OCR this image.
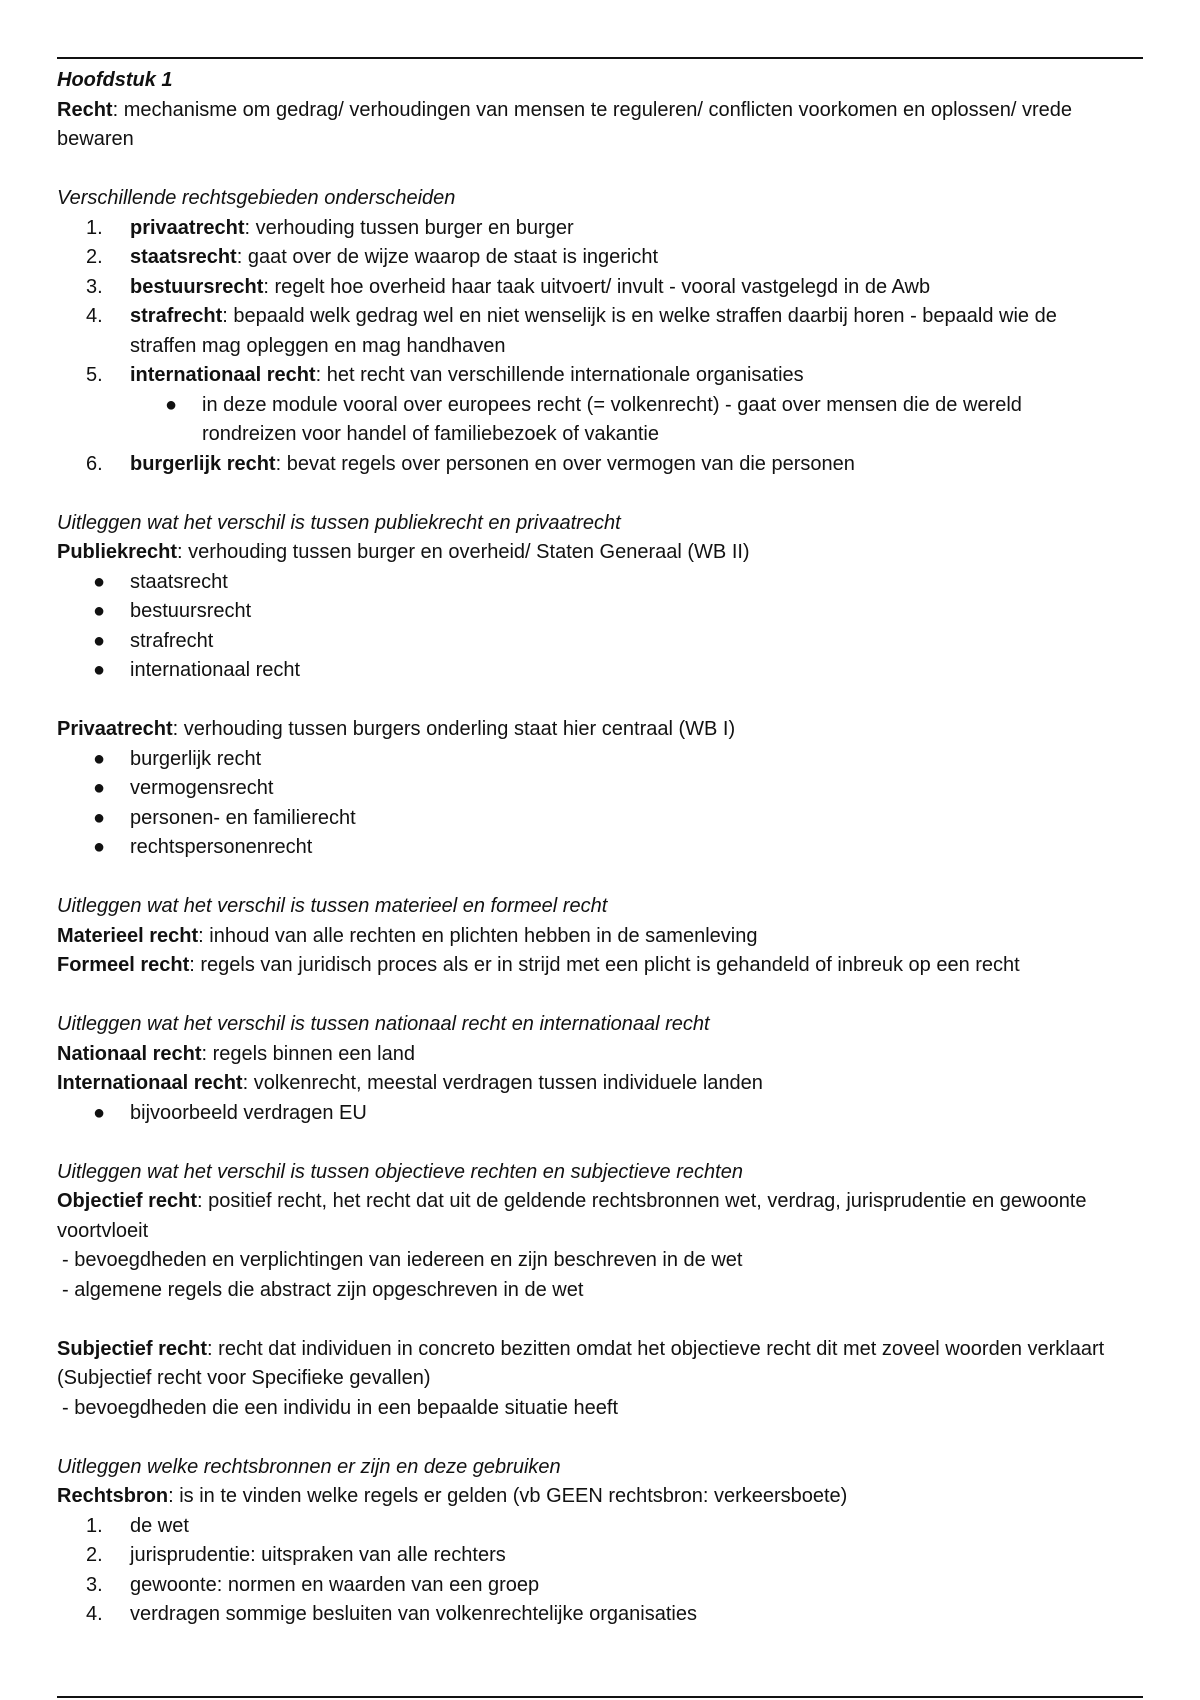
Hoofdstuk 1

Recht: mechanisme om gedrag/ verhoudingen van mensen te reguleren/ conflicten voorkomen en oplossen/ vrede bewaren

Verschillende rechtsgebieden onderscheiden

1. privaatrecht: verhouding tussen burger en burger
2. staatsrecht: gaat over de wijze waarop de staat is ingericht
3. bestuursrecht: regelt hoe overheid haar taak uitvoert/ invult - vooral vastgelegd in de Awb
4. strafrecht: bepaald welk gedrag wel en niet wenselijk is en welke straffen daarbij horen - bepaald wie de straffen mag opleggen en mag handhaven
5. internationaal recht: het recht van verschillende internationale organisaties
● in deze module vooral over europees recht (= volkenrecht) - gaat over mensen die de wereld rondreizen voor handel of familiebezoek of vakantie
6. burgerlijk recht: bevat regels over personen en over vermogen van die personen

Uitleggen wat het verschil is tussen publiekrecht en privaatrecht

Publiekrecht: verhouding tussen burger en overheid/ Staten Generaal (WB II)

● staatsrecht
● bestuursrecht
● strafrecht
● internationaal recht

Privaatrecht: verhouding tussen burgers onderling staat hier centraal (WB I)

● burgerlijk recht
● vermogensrecht
● personen- en familierecht
● rechtspersonenrecht

Uitleggen wat het verschil is tussen materieel en formeel recht

Materieel recht: inhoud van alle rechten en plichten hebben in de samenleving

Formeel recht: regels van juridisch proces als er in strijd met een plicht is gehandeld of inbreuk op een recht

Uitleggen wat het verschil is tussen nationaal recht en internationaal recht

Nationaal recht: regels binnen een land

Internationaal recht: volkenrecht, meestal verdragen tussen individuele landen

● bijvoorbeeld verdragen EU

Uitleggen wat het verschil is tussen objectieve rechten en subjectieve rechten

Objectief recht: positief recht, het recht dat uit de geldende rechtsbronnen wet, verdrag, jurisprudentie en gewoonte voortvloeit

- bevoegdheden en verplichtingen van iedereen en zijn beschreven in de wet

- algemene regels die abstract zijn opgeschreven in de wet

Subjectief recht: recht dat individuen in concreto bezitten omdat het objectieve recht dit met zoveel woorden verklaart (Subjectief recht voor Specifieke gevallen)

- bevoegdheden die een individu in een bepaalde situatie heeft

Uitleggen welke rechtsbronnen er zijn en deze gebruiken

Rechtsbron: is in te vinden welke regels er gelden (vb GEEN rechtsbron: verkeersboete)

1. de wet
2. jurisprudentie: uitspraken van alle rechters
3. gewoonte: normen en waarden van een groep
4. verdragen sommige besluiten van volkenrechtelijke organisaties
